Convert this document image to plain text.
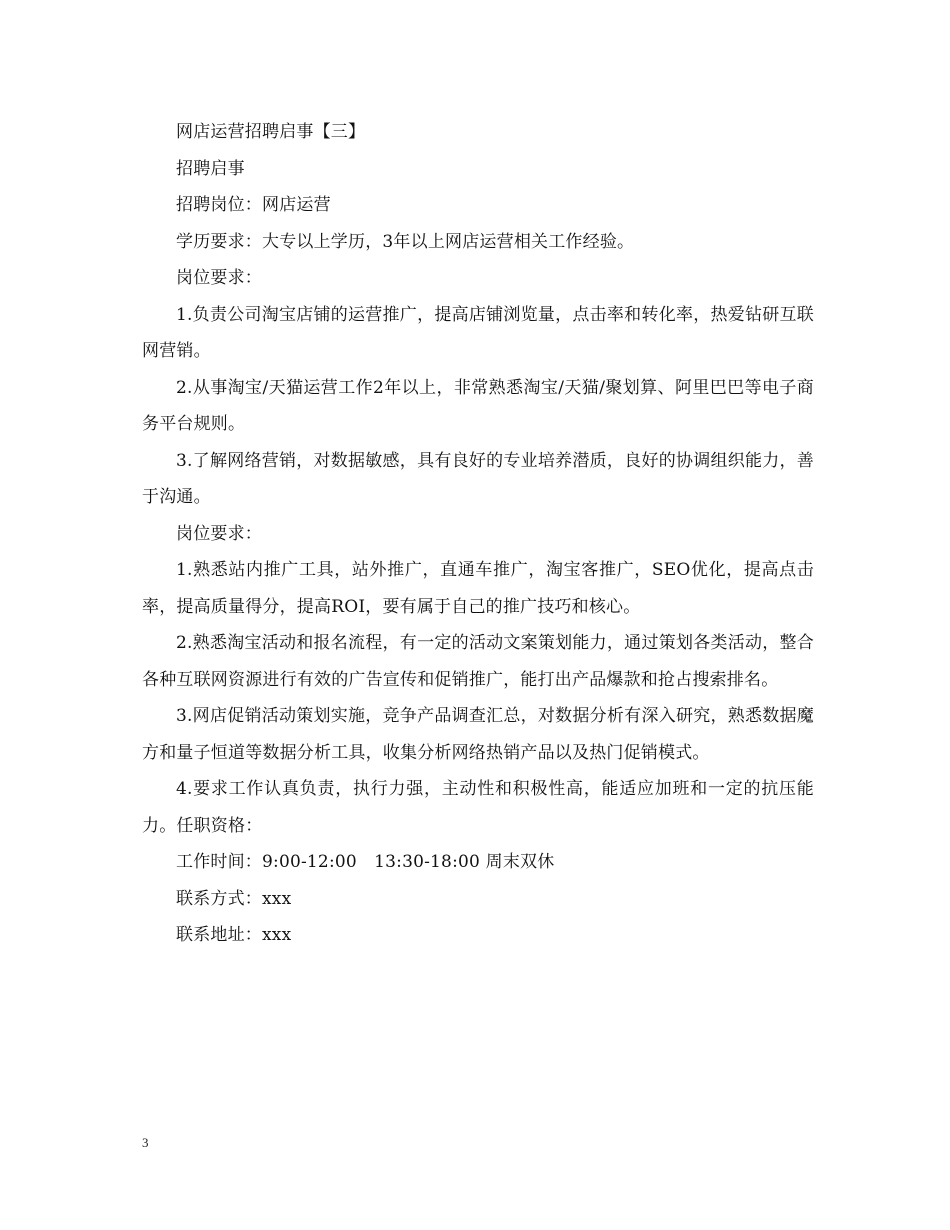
网店运营招聘启事【三】

招聘启事

招聘岗位：网店运营

学历要求：大专以上学历，3年以上网店运营相关工作经验。

岗位要求：

1.负责公司淘宝店铺的运营推广，提高店铺浏览量，点击率和转化率，热爱钻研互联网营销。

2.从事淘宝/天猫运营工作2年以上，非常熟悉淘宝/天猫/聚划算、阿里巴巴等电子商务平台规则。

3.了解网络营销，对数据敏感，具有良好的专业培养潜质，良好的协调组织能力，善于沟通。

岗位要求：

1.熟悉站内推广工具，站外推广，直通车推广，淘宝客推广，SEO优化，提高点击率，提高质量得分，提高ROI，要有属于自己的推广技巧和核心。

2.熟悉淘宝活动和报名流程，有一定的活动文案策划能力，通过策划各类活动，整合各种互联网资源进行有效的广告宣传和促销推广，能打出产品爆款和抢占搜索排名。

3.网店促销活动策划实施，竞争产品调查汇总，对数据分析有深入研究，熟悉数据魔方和量子恒道等数据分析工具，收集分析网络热销产品以及热门促销模式。

4.要求工作认真负责，执行力强，主动性和积极性高，能适应加班和一定的抗压能力。任职资格：

工作时间：9:00-12:00　13:30-18:00 周末双休

联系方式：xxx

联系地址：xxx

3
